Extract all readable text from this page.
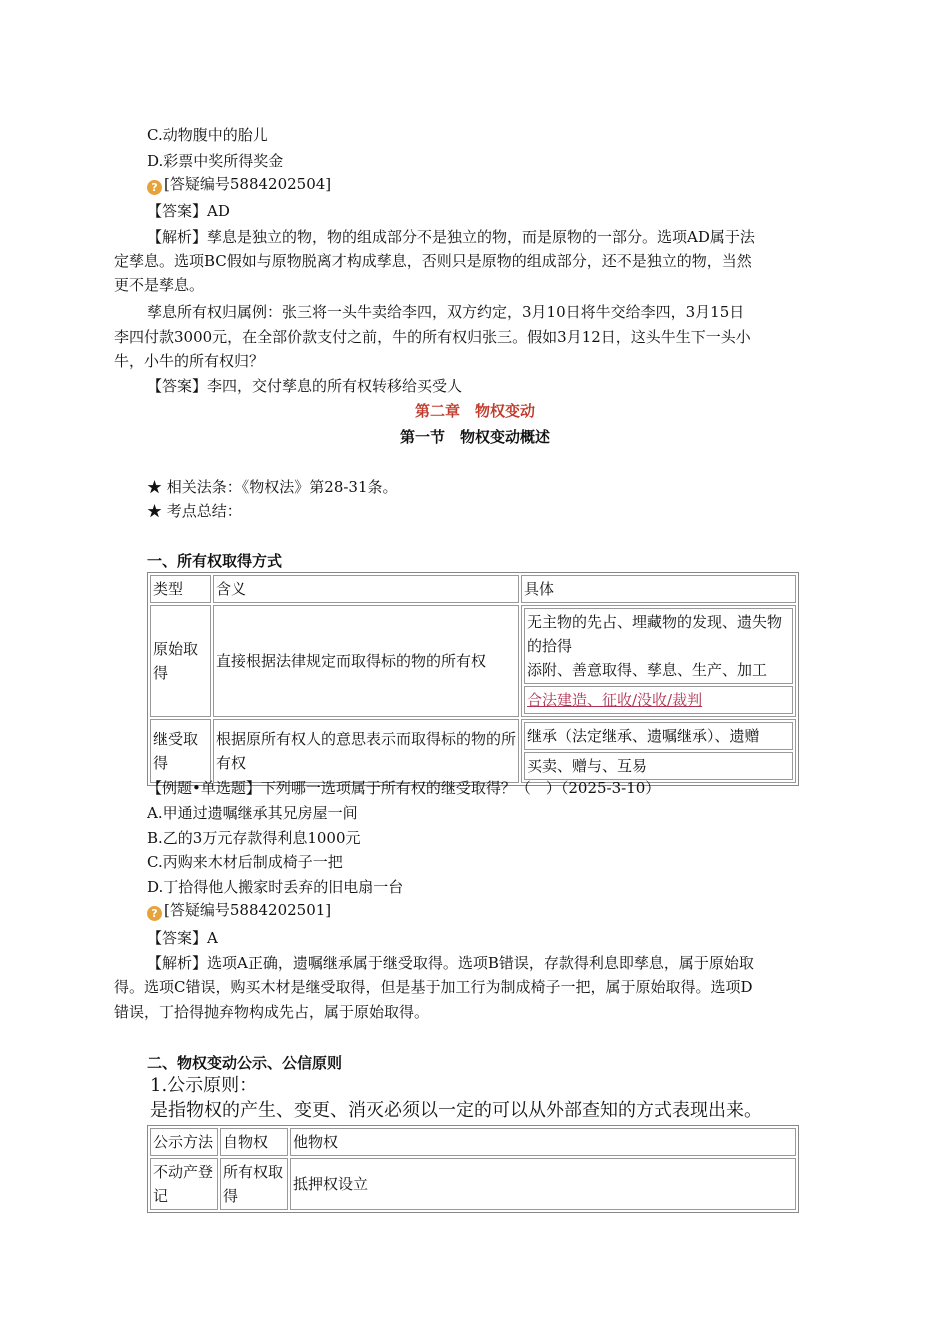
C.动物腹中的胎儿
D.彩票中奖所得奖金
? [答疑编号5884202504]
【答案】AD
【解析】孳息是独立的物，物的组成部分不是独立的物，而是原物的一部分。选项AD属于法
定孳息。选项BC假如与原物脱离才构成孳息，否则只是原物的组成部分，还不是独立的物，当然
更不是孳息。
孳息所有权归属例：张三将一头牛卖给李四，双方约定，3月10日将牛交给李四，3月15日
李四付款3000元，在全部价款支付之前，牛的所有权归张三。假如3月12日，这头牛生下一头小
牛，小牛的所有权归？
【答案】李四，交付孳息的所有权转移给买受人
第二章　物权变动
第一节　物权变动概述
★ 相关法条：《物权法》第28-31条。
★ 考点总结：
一、所有权取得方式
类型	含义	具体
原始取得	直接根据法律规定而取得标的物的所有权	
无主物的先占、埋藏物的发现、遗失物的拾得
添附、善意取得、孳息、生产、加工
合法建造、征收/没收/裁判

继受取得	根据原所有权人的意思表示而取得标的物的所有权	
继承（法定继承、遗嘱继承）、遗赠
买卖、赠与、互易
【例题•单选题】下列哪一选项属于所有权的继受取得？（　）（2025-3-10）
A.甲通过遗嘱继承其兄房屋一间
B.乙的3万元存款得利息1000元
C.丙购来木材后制成椅子一把
D.丁拾得他人搬家时丢弃的旧电扇一台
? [答疑编号5884202501]
【答案】A
【解析】选项A正确，遗嘱继承属于继受取得。选项B错误，存款得利息即孳息，属于原始取
得。选项C错误，购买木材是继受取得，但是基于加工行为制成椅子一把，属于原始取得。选项D
错误，丁拾得抛弃物构成先占，属于原始取得。
二、物权变动公示、公信原则
1.公示原则：
是指物权的产生、变更、消灭必须以一定的可以从外部查知的方式表现出来。
公示方法	自物权	他物权
不动产登记	所有权取得	抵押权设立
